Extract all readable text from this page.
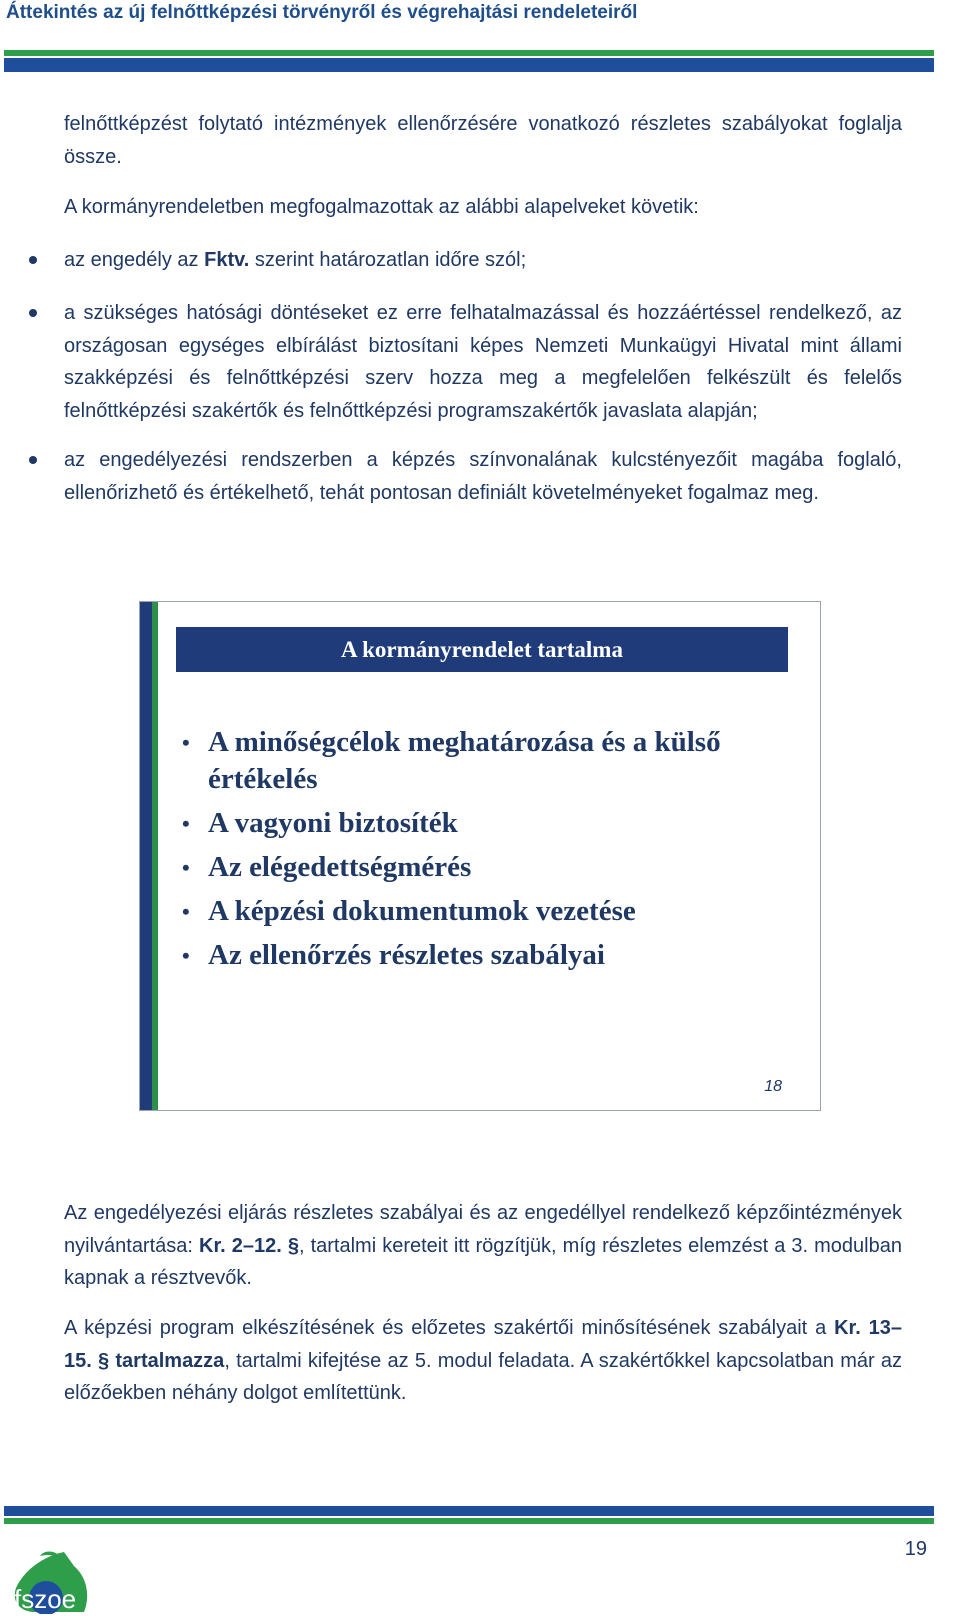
Áttekintés az új felnőttképzési törvényről és végrehajtási rendeleteiről
felnőttképzést folytató intézmények ellenőrzésére vonatkozó részletes szabályokat foglalja össze.
A kormányrendeletben megfogalmazottak az alábbi alapelveket követik:
az engedély az Fktv. szerint határozatlan időre szól;
a szükséges hatósági döntéseket ez erre felhatalmazással és hozzáértéssel rendelkező, az országosan egységes elbírálást biztosítani képes Nemzeti Munkaügyi Hivatal mint állami szakképzési és felnőttképzési szerv hozza meg a megfelelően felkészült és felelős felnőttképzési szakértők és felnőttképzési programszakértők javaslata alapján;
az engedélyezési rendszerben a képzés színvonalának kulcstényezőit magába foglaló, ellenőrizhető és értékelhető, tehát pontosan definiált követelményeket fogalmaz meg.
A kormányrendelet tartalma
• A minőségcélok meghatározása és a külső értékelés
• A vagyoni biztosíték
• Az elégedettségmérés
• A képzési dokumentumok vezetése
• Az ellenőrzés részletes szabályai
18
Az engedélyezési eljárás részletes szabályai és az engedéllyel rendelkező képzőintézmények nyilvántartása: Kr. 2–12. §, tartalmi kereteit itt rögzítjük, míg részletes elemzést a 3. modulban kapnak a résztvevők.
A képzési program elkészítésének és előzetes szakértői minősítésének szabályait a Kr. 13–15. § tartalmazza, tartalmi kifejtése az 5. modul feladata. A szakértőkkel kapcsolatban már az előzőekben néhány dolgot említettünk.
19
fszoe
